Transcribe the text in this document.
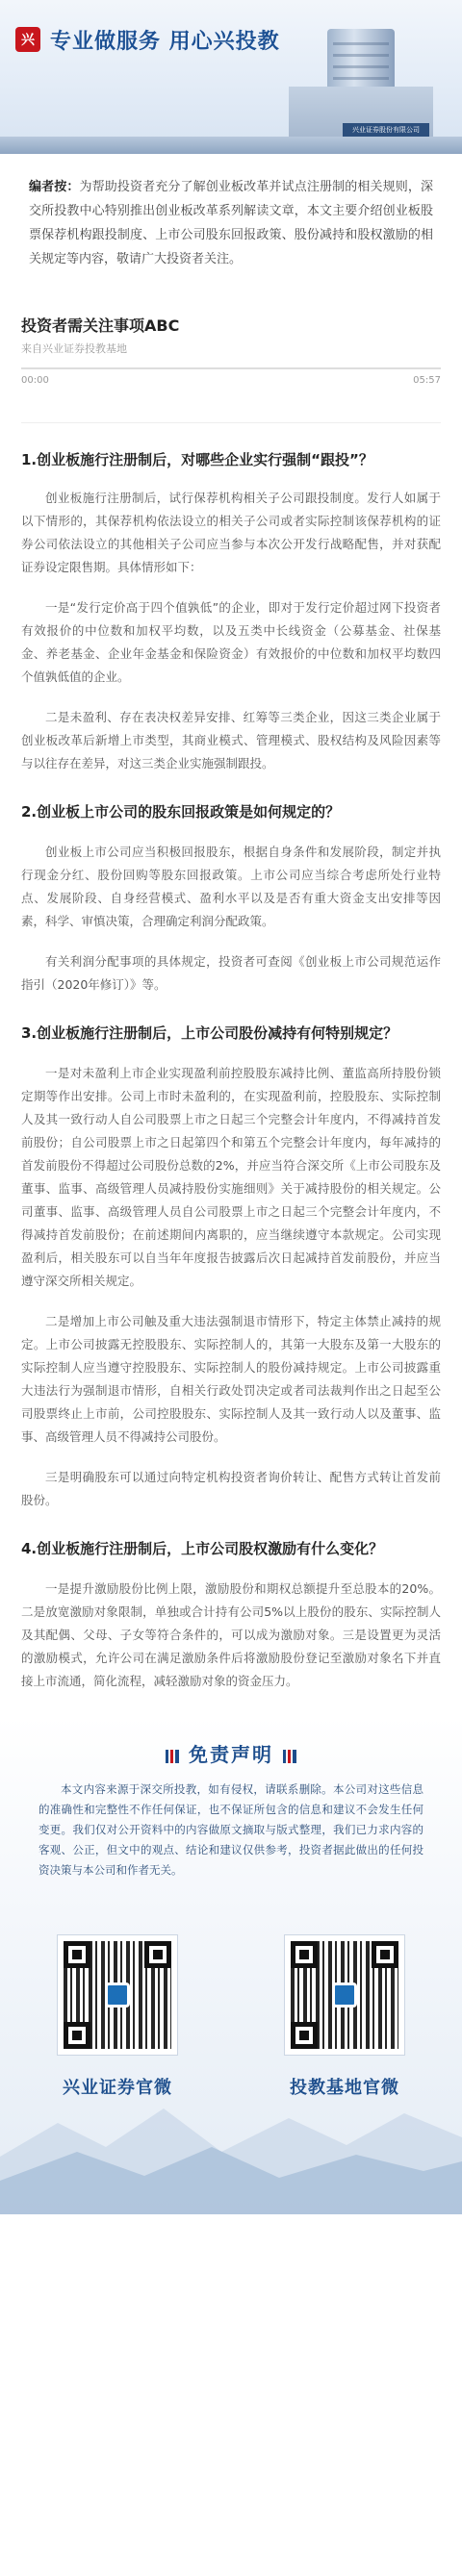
兴 专业做服务 用心兴投教
兴业证券股份有限公司
编者按：为帮助投资者充分了解创业板改革并试点注册制的相关规则，深交所投教中心特别推出创业板改革系列解读文章，本文主要介绍创业板股票保荐机构跟投制度、上市公司股东回报政策、股份减持和股权激励的相关规定等内容，敬请广大投资者关注。
投资者需关注事项ABC
来自兴业证券投教基地
00:00	05:57
1.创业板施行注册制后，对哪些企业实行强制“跟投”？

创业板施行注册制后，试行保荐机构相关子公司跟投制度。发行人如属于以下情形的，其保荐机构依法设立的相关子公司或者实际控制该保荐机构的证券公司依法设立的其他相关子公司应当参与本次公开发行战略配售，并对获配证券设定限售期。具体情形如下：

一是“发行定价高于四个值孰低”的企业，即对于发行定价超过网下投资者有效报价的中位数和加权平均数，以及五类中长线资金（公募基金、社保基金、养老基金、企业年金基金和保险资金）有效报价的中位数和加权平均数四个值孰低值的企业。

二是未盈利、存在表决权差异安排、红筹等三类企业，因这三类企业属于创业板改革后新增上市类型，其商业模式、管理模式、股权结构及风险因素等与以往存在差异，对这三类企业实施强制跟投。

2.创业板上市公司的股东回报政策是如何规定的？

创业板上市公司应当积极回报股东，根据自身条件和发展阶段，制定并执行现金分红、股份回购等股东回报政策。上市公司应当综合考虑所处行业特点、发展阶段、自身经营模式、盈利水平以及是否有重大资金支出安排等因素，科学、审慎决策，合理确定利润分配政策。

有关利润分配事项的具体规定，投资者可查阅《创业板上市公司规范运作指引（2020年修订）》等。

3.创业板施行注册制后，上市公司股份减持有何特别规定？

一是对未盈利上市企业实现盈利前控股股东减持比例、董监高所持股份锁定期等作出安排。公司上市时未盈利的，在实现盈利前，控股股东、实际控制人及其一致行动人自公司股票上市之日起三个完整会计年度内，不得减持首发前股份；自公司股票上市之日起第四个和第五个完整会计年度内，每年减持的首发前股份不得超过公司股份总数的2%，并应当符合深交所《上市公司股东及董事、监事、高级管理人员减持股份实施细则》关于减持股份的相关规定。公司董事、监事、高级管理人员自公司股票上市之日起三个完整会计年度内，不得减持首发前股份；在前述期间内离职的，应当继续遵守本款规定。公司实现盈利后，相关股东可以自当年年度报告披露后次日起减持首发前股份，并应当遵守深交所相关规定。

二是增加上市公司触及重大违法强制退市情形下，特定主体禁止减持的规定。上市公司披露无控股股东、实际控制人的，其第一大股东及第一大股东的实际控制人应当遵守控股股东、实际控制人的股份减持规定。上市公司披露重大违法行为强制退市情形，自相关行政处罚决定或者司法裁判作出之日起至公司股票终止上市前，公司控股股东、实际控制人及其一致行动人以及董事、监事、高级管理人员不得减持公司股份。

三是明确股东可以通过向特定机构投资者询价转让、配售方式转让首发前股份。

4.创业板施行注册制后，上市公司股权激励有什么变化？

一是提升激励股份比例上限，激励股份和期权总额提升至总股本的20%。二是放宽激励对象限制，单独或合计持有公司5%以上股份的股东、实际控制人及其配偶、父母、子女等符合条件的，可以成为激励对象。三是设置更为灵活的激励模式，允许公司在满足激励条件后将激励股份登记至激励对象名下并直接上市流通，简化流程，减轻激励对象的资金压力。

免责声明
本文内容来源于深交所投教，如有侵权，请联系删除。本公司对这些信息的准确性和完整性不作任何保证，也不保证所包含的信息和建议不会发生任何变更。我们仅对公开资料中的内容做原文摘取与版式整理，我们已力求内容的客观、公正，但文中的观点、结论和建议仅供参考，投资者据此做出的任何投资决策与本公司和作者无关。
兴业证券官微	投教基地官微
